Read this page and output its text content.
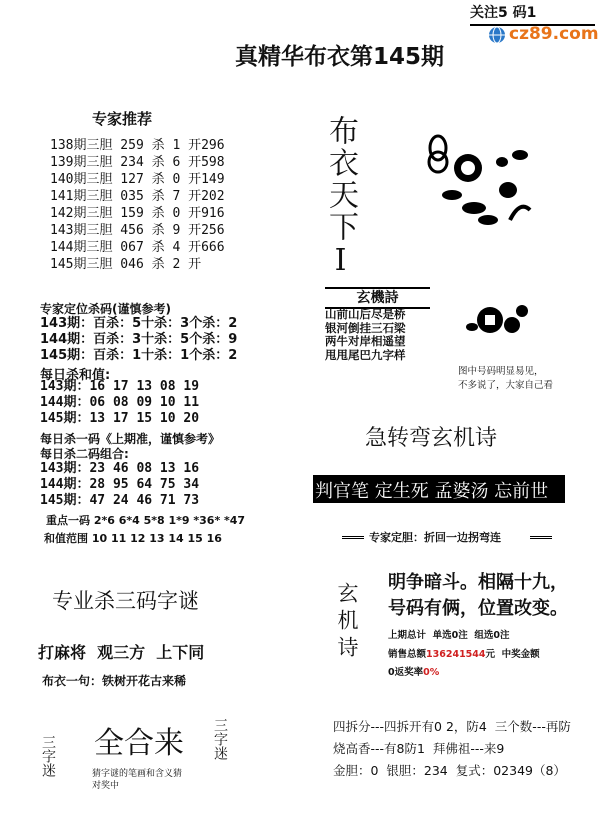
关注5 码1
cz89.com
真精华布衣第145期
专家推荐
138期三胆 259 杀 1 开296
139期三胆 234 杀 6 开598
140期三胆 127 杀 0 开149
141期三胆 035 杀 7 开202
142期三胆 159 杀 0 开916
143期三胆 456 杀 9 开256
144期三胆 067 杀 4 开666
145期三胆 046 杀 2 开
专家定位杀码(谨慎参考)
143期：百杀：5十杀：3个杀：2
144期：百杀：3十杀：5个杀：9
145期：百杀：1十杀：1个杀：2
每日杀和值:
143期：16 17 13 08 19
144期：06 08 09 10 11
145期：13 17 15 10 20
每日杀一码《上期准，谨慎参考》
每日杀二码组合:
143期：23 46 08 13 16
144期：28 95 64 75 34
145期：47 24 46 71 73
重点一码 2*6 6*4 5*8 1*9 *36* *47
和值范围 10 11 12 13 14 15 16
专业杀三码字谜
打麻将  观三方  上下同
布衣一句：铁树开花古来稀
三字迷 全合来 三字迷
猜字谜的笔画和含义猜对奖中
布衣天下Ⅰ
玄機詩
山前山后尽是桥
银河倒挂三石梁
两牛对岸相遥望
甩甩尾巴九字样
图中号码明显易见，
不多说了，大家自己看
急转弯玄机诗
判官笔 定生死 孟婆汤 忘前世
专家定胆：折回一边拐弯连
玄机诗 明争暗斗。相隔十九，
号码有俩，位置改变。
上期总计  单选0注  组选0注
销售总额136241544元  中奖金额
0返奖率0%
四拆分---四拆开有0 2，防4  三个数---再防
烧高香---有8防1  拜佛祖---来9
金胆：0  银胆：234  复式：02349（8）
